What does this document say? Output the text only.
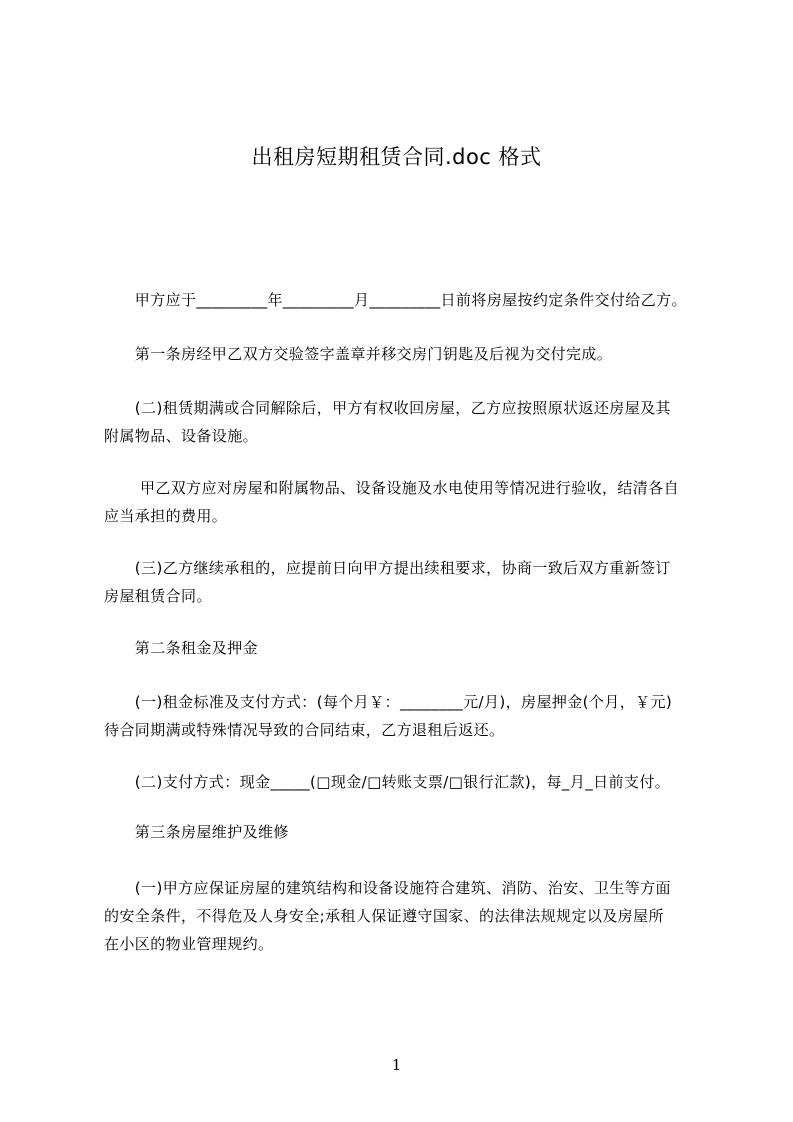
出租房短期租赁合同.doc 格式
　　甲方应于_________年_________月_________日前将房屋按约定条件交付给乙方。
　　第一条房经甲乙双方交验签字盖章并移交房门钥匙及后视为交付完成。
　　(二)租赁期满或合同解除后，甲方有权收回房屋，乙方应按照原状返还房屋及其
附属物品、设备设施。
　　 甲乙双方应对房屋和附属物品、设备设施及水电使用等情况进行验收，结清各自
应当承担的费用。
　　(三)乙方继续承租的，应提前日向甲方提出续租要求，协商一致后双方重新签订
房屋租赁合同。
　　第二条租金及押金
　　(一)租金标准及支付方式：(每个月￥：________元/月)，房屋押金(个月，￥元)
待合同期满或特殊情况导致的合同结束，乙方退租后返还。
　　(二)支付方式：现金_____(□现金/□转账支票/□银行汇款)，每_月_日前支付。
　　第三条房屋维护及维修
　　(一)甲方应保证房屋的建筑结构和设备设施符合建筑、消防、治安、卫生等方面
的安全条件，不得危及人身安全;承租人保证遵守国家、的法律法规规定以及房屋所
在小区的物业管理规约。
1
